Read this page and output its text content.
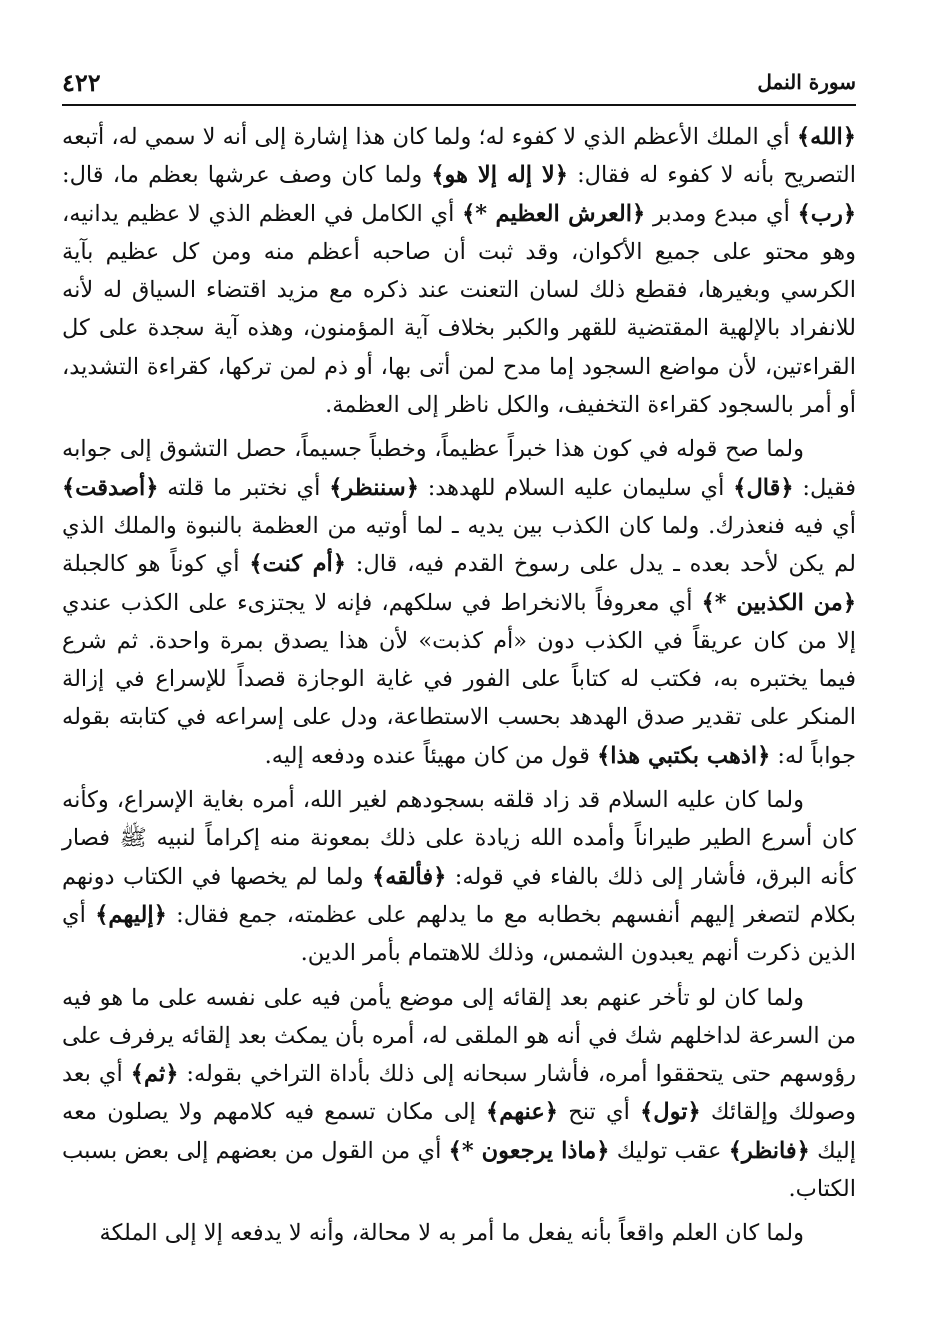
٤٢٢	سورة النمل

﴿الله﴾ أي الملك الأعظم الذي لا كفوء له؛ ولما كان هذا إشارة إلى أنه لا سمي له، أتبعه التصريح بأنه لا كفوء له فقال: ﴿لا إله إلا هو﴾ ولما كان وصف عرشها بعظم ما، قال: ﴿رب﴾ أي مبدع ومدبر ﴿العرش العظيم *﴾ أي الكامل في العظم الذي لا عظيم يدانيه، وهو محتو على جميع الأكوان، وقد ثبت أن صاحبه أعظم منه ومن كل عظيم بآية الكرسي وبغيرها، فقطع ذلك لسان التعنت عند ذكره مع مزيد اقتضاء السياق له لأنه للانفراد بالإلهية المقتضية للقهر والكبر بخلاف آية المؤمنون، وهذه آية سجدة على كل القراءتين، لأن مواضع السجود إما مدح لمن أتى بها، أو ذم لمن تركها، كقراءة التشديد، أو أمر بالسجود كقراءة التخفيف، والكل ناظر إلى العظمة.

ولما صح قوله في كون هذا خبراً عظيماً، وخطباً جسيماً، حصل التشوق إلى جوابه فقيل: ﴿قال﴾ أي سليمان عليه السلام للهدهد: ﴿سننظر﴾ أي نختبر ما قلته ﴿أصدقت﴾ أي فيه فنعذرك. ولما كان الكذب بين يديه ـ لما أوتيه من العظمة بالنبوة والملك الذي لم يكن لأحد بعده ـ يدل على رسوخ القدم فيه، قال: ﴿أم كنت﴾ أي كوناً هو كالجبلة ﴿من الكذبين *﴾ أي معروفاً بالانخراط في سلكهم، فإنه لا يجتزىء على الكذب عندي إلا من كان عريقاً في الكذب دون «أم كذبت» لأن هذا يصدق بمرة واحدة. ثم شرع فيما يختبره به، فكتب له كتاباً على الفور في غاية الوجازة قصداً للإسراع في إزالة المنكر على تقدير صدق الهدهد بحسب الاستطاعة، ودل على إسراعه في كتابته بقوله جواباً له: ﴿اذهب بكتبي هذا﴾ قول من كان مهيئاً عنده ودفعه إليه.

ولما كان عليه السلام قد زاد قلقه بسجودهم لغير الله، أمره بغاية الإسراع، وكأنه كان أسرع الطير طيراناً وأمده الله زيادة على ذلك بمعونة منه إكراماً لنبيه ﷺ فصار كأنه البرق، فأشار إلى ذلك بالفاء في قوله: ﴿فألقه﴾ ولما لم يخصها في الكتاب دونهم بكلام لتصغر إليهم أنفسهم بخطابه مع ما يدلهم على عظمته، جمع فقال: ﴿إليهم﴾ أي الذين ذكرت أنهم يعبدون الشمس، وذلك للاهتمام بأمر الدين.

ولما كان لو تأخر عنهم بعد إلقائه إلى موضع يأمن فيه على نفسه على ما هو فيه من السرعة لداخلهم شك في أنه هو الملقى له، أمره بأن يمكث بعد إلقائه يرفرف على رؤوسهم حتى يتحققوا أمره، فأشار سبحانه إلى ذلك بأداة التراخي بقوله: ﴿ثم﴾ أي بعد وصولك وإلقائك ﴿تول﴾ أي تنح ﴿عنهم﴾ إلى مكان تسمع فيه كلامهم ولا يصلون معه إليك ﴿فانظر﴾ عقب توليك ﴿ماذا يرجعون *﴾ أي من القول من بعضهم إلى بعض بسبب الكتاب.

ولما كان العلم واقعاً بأنه يفعل ما أمر به لا محالة، وأنه لا يدفعه إلا إلى الملكة
